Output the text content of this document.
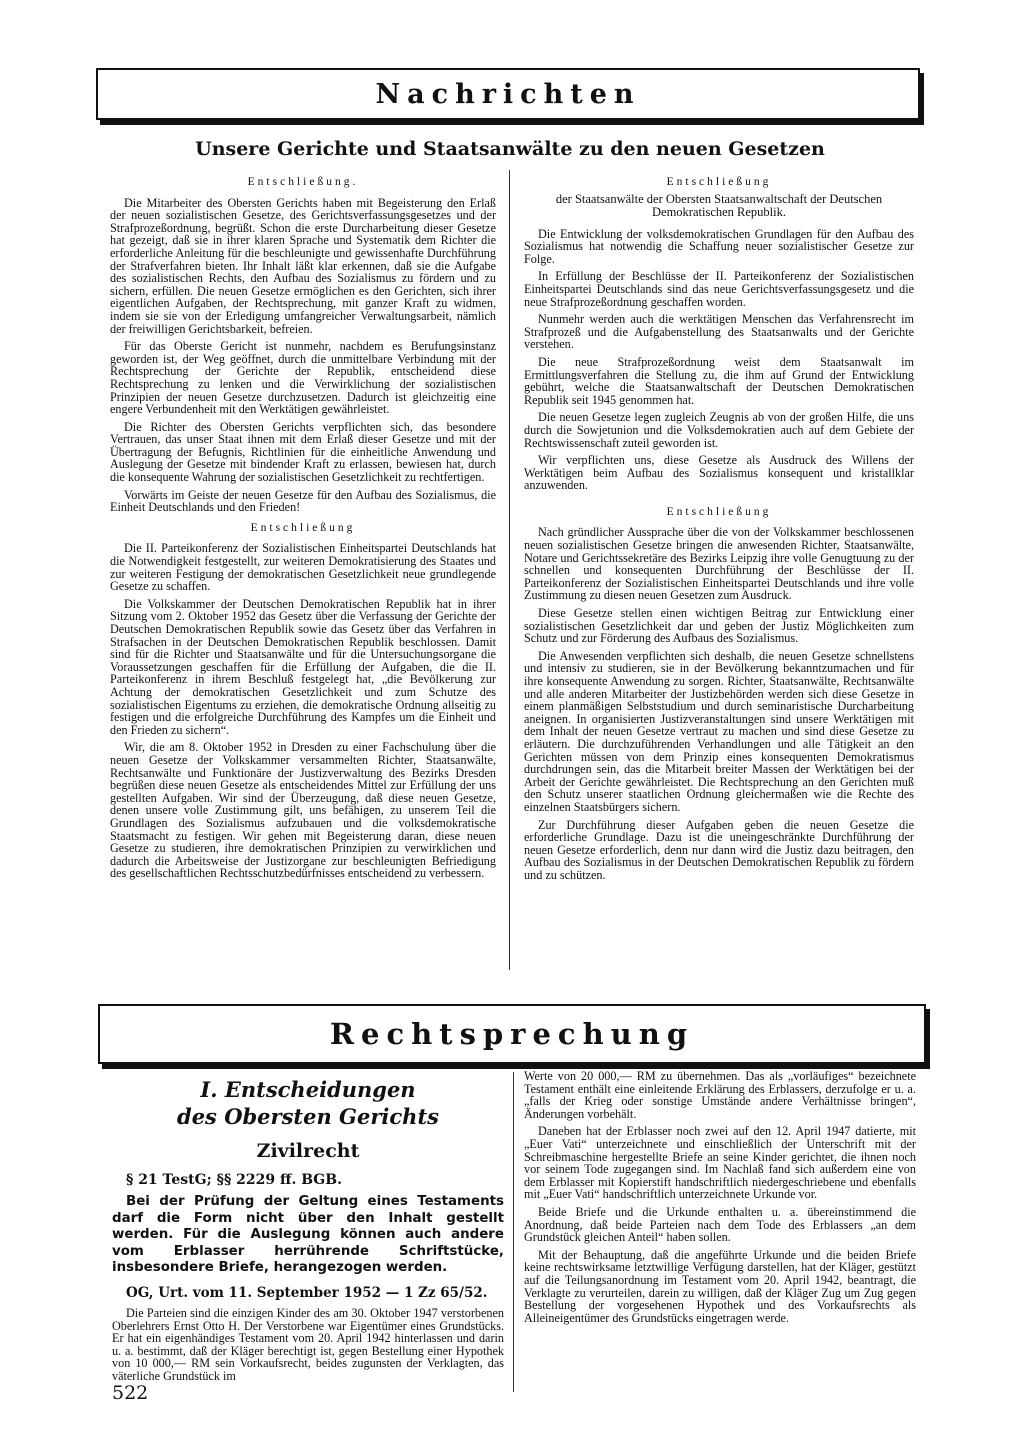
Nachrichten
Unsere Gerichte und Staatsanwälte zu den neuen Gesetzen
Entschließung.

Die Mitarbeiter des Obersten Gerichts haben mit Begeisterung den Erlaß der neuen sozialistischen Gesetze, des Gerichtsverfassungsgesetzes und der Strafprozeßordnung, begrüßt. Schon die erste Durcharbeitung dieser Gesetze hat gezeigt, daß sie in ihrer klaren Sprache und Systematik dem Richter die erforderliche Anleitung für die beschleunigte und gewissenhafte Durchführung der Strafverfahren bieten. Ihr Inhalt läßt klar erkennen, daß sie die Aufgabe des sozialistischen Rechts, den Aufbau des Sozialismus zu fördern und zu sichern, erfüllen. Die neuen Gesetze ermöglichen es den Gerichten, sich ihrer eigentlichen Aufgaben, der Rechtsprechung, mit ganzer Kraft zu widmen, indem sie sie von der Erledigung umfangreicher Verwaltungsarbeit, nämlich der freiwilligen Gerichtsbarkeit, befreien.

Für das Oberste Gericht ist nunmehr, nachdem es Berufungsinstanz geworden ist, der Weg geöffnet, durch die unmittelbare Verbindung mit der Rechtsprechung der Gerichte der Republik, entscheidend diese Rechtsprechung zu lenken und die Verwirklichung der sozialistischen Prinzipien der neuen Gesetze durchzusetzen. Dadurch ist gleichzeitig eine engere Verbundenheit mit den Werktätigen gewährleistet.

Die Richter des Obersten Gerichts verpflichten sich, das besondere Vertrauen, das unser Staat ihnen mit dem Erlaß dieser Gesetze und mit der Übertragung der Befugnis, Richtlinien für die einheitliche Anwendung und Auslegung der Gesetze mit bindender Kraft zu erlassen, bewiesen hat, durch die konsequente Wahrung der sozialistischen Gesetzlichkeit zu rechtfertigen.

Vorwärts im Geiste der neuen Gesetze für den Aufbau des Sozialismus, die Einheit Deutschlands und den Frieden!

Entschließung

Die II. Parteikonferenz der Sozialistischen Einheitspartei Deutschlands hat die Notwendigkeit festgestellt, zur weiteren Demokratisierung des Staates und zur weiteren Festigung der demokratischen Gesetzlichkeit neue grundlegende Gesetze zu schaffen.

Die Volkskammer der Deutschen Demokratischen Republik hat in ihrer Sitzung vom 2. Oktober 1952 das Gesetz über die Verfassung der Gerichte der Deutschen Demokratischen Republik sowie das Gesetz über das Verfahren in Strafsachen in der Deutschen Demokratischen Republik beschlossen. Damit sind für die Richter und Staatsanwälte und für die Untersuchungsorgane die Voraussetzungen geschaffen für die Erfüllung der Aufgaben, die die II. Parteikonferenz in ihrem Beschluß festgelegt hat, „die Bevölkerung zur Achtung der demokratischen Gesetzlichkeit und zum Schutze des sozialistischen Eigentums zu erziehen, die demokratische Ordnung allseitig zu festigen und die erfolgreiche Durchführung des Kampfes um die Einheit und den Frieden zu sichern“.

Wir, die am 8. Oktober 1952 in Dresden zu einer Fachschulung über die neuen Gesetze der Volkskammer versammelten Richter, Staatsanwälte, Rechtsanwälte und Funktionäre der Justizverwaltung des Bezirks Dresden begrüßen diese neuen Gesetze als entscheidendes Mittel zur Erfüllung der uns gestellten Aufgaben. Wir sind der Überzeugung, daß diese neuen Gesetze, denen unsere volle Zustimmung gilt, uns befähigen, zu unserem Teil die Grundlagen des Sozialismus aufzubauen und die volksdemokratische Staatsmacht zu festigen. Wir gehen mit Begeisterung daran, diese neuen Gesetze zu studieren, ihre demokratischen Prinzipien zu verwirklichen und dadurch die Arbeitsweise der Justizorgane zur beschleunigten Befriedigung des gesellschaftlichen Rechtsschutzbedürfnisses entscheidend zu verbessern.

Entschließung
der Staatsanwälte der Obersten Staatsanwaltschaft der Deutschen Demokratischen Republik.

Die Entwicklung der volksdemokratischen Grundlagen für den Aufbau des Sozialismus hat notwendig die Schaffung neuer sozialistischer Gesetze zur Folge.

In Erfüllung der Beschlüsse der II. Parteikonferenz der Sozialistischen Einheitspartei Deutschlands sind das neue Gerichtsverfassungsgesetz und die neue Strafprozeßordnung geschaffen worden.

Nunmehr werden auch die werktätigen Menschen das Verfahrensrecht im Strafprozeß und die Aufgabenstellung des Staatsanwalts und der Gerichte verstehen.

Die neue Strafprozeßordnung weist dem Staatsanwalt im Ermittlungsverfahren die Stellung zu, die ihm auf Grund der Entwicklung gebührt, welche die Staatsanwaltschaft der Deutschen Demokratischen Republik seit 1945 genommen hat.

Die neuen Gesetze legen zugleich Zeugnis ab von der großen Hilfe, die uns durch die Sowjetunion und die Volksdemokratien auch auf dem Gebiete der Rechtswissenschaft zuteil geworden ist.

Wir verpflichten uns, diese Gesetze als Ausdruck des Willens der Werktätigen beim Aufbau des Sozialismus konsequent und kristallklar anzuwenden.

Entschließung

Nach gründlicher Aussprache über die von der Volkskammer beschlossenen neuen sozialistischen Gesetze bringen die anwesenden Richter, Staatsanwälte, Notare und Gerichtssekretäre des Bezirks Leipzig ihre volle Genugtuung zu der schnellen und konsequenten Durchführung der Beschlüsse der II. Parteikonferenz der Sozialistischen Einheitspartei Deutschlands und ihre volle Zustimmung zu diesen neuen Gesetzen zum Ausdruck.

Diese Gesetze stellen einen wichtigen Beitrag zur Entwicklung einer sozialistischen Gesetzlichkeit dar und geben der Justiz Möglichkeiten zum Schutz und zur Förderung des Aufbaus des Sozialismus.

Die Anwesenden verpflichten sich deshalb, die neuen Gesetze schnellstens und intensiv zu studieren, sie in der Bevölkerung bekanntzumachen und für ihre konsequente Anwendung zu sorgen. Richter, Staatsanwälte, Rechtsanwälte und alle anderen Mitarbeiter der Justizbehörden werden sich diese Gesetze in einem planmäßigen Selbststudium und durch seminaristische Durcharbeitung aneignen. In organisierten Justizveranstaltungen sind unsere Werktätigen mit dem Inhalt der neuen Gesetze vertraut zu machen und sind diese Gesetze zu erläutern. Die durchzuführenden Verhandlungen und alle Tätigkeit an den Gerichten müssen von dem Prinzip eines konsequenten Demokratismus durchdrungen sein, das die Mitarbeit breiter Massen der Werktätigen bei der Arbeit der Gerichte gewährleistet. Die Rechtsprechung an den Gerichten muß den Schutz unserer staatlichen Ordnung gleichermaßen wie die Rechte des einzelnen Staatsbürgers sichern.

Zur Durchführung dieser Aufgaben geben die neuen Gesetze die erforderliche Grundlage. Dazu ist die uneingeschränkte Durchführung der neuen Gesetze erforderlich, denn nur dann wird die Justiz dazu beitragen, den Aufbau des Sozialismus in der Deutschen Demokratischen Republik zu fördern und zu schützen.

Rechtsprechung
I. Entscheidungen
des Obersten Gerichts
Zivilrecht
§ 21 TestG; §§ 2229 ff. BGB.
Bei der Prüfung der Geltung eines Testaments darf die Form nicht über den Inhalt gestellt werden. Für die Auslegung können auch andere vom Erblasser herrührende Schriftstücke, insbesondere Briefe, herangezogen werden.
OG, Urt. vom 11. September 1952 — 1 Zz 65/52.

Die Parteien sind die einzigen Kinder des am 30. Oktober 1947 verstorbenen Oberlehrers Ernst Otto H. Der Verstorbene war Eigentümer eines Grundstücks. Er hat ein eigenhändiges Testament vom 20. April 1942 hinterlassen und darin u. a. bestimmt, daß der Kläger berechtigt ist, gegen Bestellung einer Hypothek von 10 000,— RM sein Vorkaufsrecht, beides zugunsten der Verklagten, das väterliche Grundstück im

Werte von 20 000,— RM zu übernehmen. Das als „vorläufiges“ bezeichnete Testament enthält eine einleitende Erklärung des Erblassers, derzufolge er u. a. „falls der Krieg oder sonstige Umstände andere Verhältnisse bringen“, Änderungen vorbehält.

Daneben hat der Erblasser noch zwei auf den 12. April 1947 datierte, mit „Euer Vati“ unterzeichnete und einschließlich der Unterschrift mit der Schreibmaschine hergestellte Briefe an seine Kinder gerichtet, die ihnen noch vor seinem Tode zugegangen sind. Im Nachlaß fand sich außerdem eine von dem Erblasser mit Kopierstift handschriftlich niedergeschriebene und ebenfalls mit „Euer Vati“ handschriftlich unterzeichnete Urkunde vor.

Beide Briefe und die Urkunde enthalten u. a. übereinstimmend die Anordnung, daß beide Parteien nach dem Tode des Erblassers „an dem Grundstück gleichen Anteil“ haben sollen.

Mit der Behauptung, daß die angeführte Urkunde und die beiden Briefe keine rechtswirksame letztwillige Verfügung darstellen, hat der Kläger, gestützt auf die Teilungsanordnung im Testament vom 20. April 1942, beantragt, die Verklagte zu verurteilen, darein zu willigen, daß der Kläger Zug um Zug gegen Bestellung der vorgesehenen Hypothek und des Vorkaufsrechts als Alleineigentümer des Grundstücks eingetragen werde.

522
